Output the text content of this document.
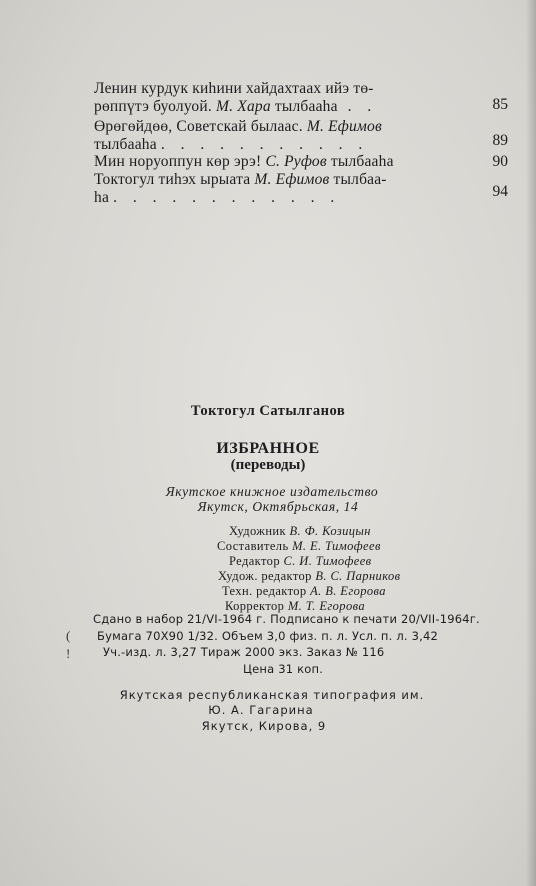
Ленин курдук киhини хайдахтаах ийэ тө-
рөппүтэ буолуой. М. Хара тылбааhа . .	85
Өрөгөйдөө, Советскай былаас. М. Ефимов
тылбааhа . . . . . . . . . . .	89
Мин норуоппун көр эрэ! С. Руфов тылбааhа	90
Токтогул тиhэх ырыата М. Ефимов тылбаа-
hа . . . . . . . . . . . .	94
Токтогул Сатылганов
ИЗБРАННОЕ
(переводы)
Якутское книжное издательство
Якутск, Октябрьская, 14
Художник В. Ф. Козицын
Составитель М. Е. Тимофеев
Редактор С. И. Тимофеев
Худож. редактор В. С. Парников
Техн. редактор А. В. Егорова
Корректор М. Т. Егорова
(
!
Сдано в набор 21/VI-1964 г. Подписано к печати 20/VII-1964г.
Бумага 70X90 1/32. Объем 3,0 физ. п. л. Усл. п. л. 3,42
Уч.-изд. л. 3,27 Тираж 2000 экз. Заказ № 116
Цена 31 коп.
Якутская республиканская типография им.
Ю. А. Гагарина
Якутск, Кирова, 9
